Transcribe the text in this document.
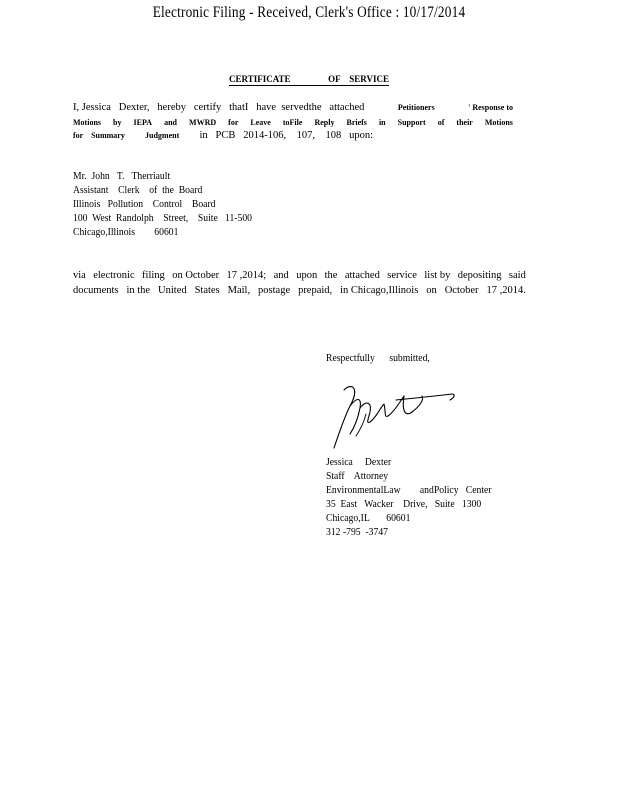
Electronic Filing - Received, Clerk's Office : 10/17/2014
CERTIFICATE	OF    SERVICE
I, Jessica   Dexter,   hereby   certify   thatI   have  servedthe   attached	Petitioners	' Response to
Motions by IEPA and MWRD for Leave toFile Reply Briefs in Support of their Motions
for    Summary	Judgment in   PCB   2014-106,    107,    108   upon:
Mr.  John   T.   Therriault
Assistant    Clerk    of  the  Board
Illinois   Pollution    Control    Board
100  West  Randolph    Street,    Suite   11-500
Chicago,Illinois        60601
via electronic filing on October 17 ,2014; and upon the attached service list by depositing said
documents in the United States Mail, postage prepaid, in Chicago,Illinois on October 17 ,2014.
Respectfully      submitted,
Jessica     Dexter
Staff    Attorney
EnvironmentalLaw        andPolicy   Center
35  East   Wacker    Drive,   Suite   1300
Chicago,IL       60601
312 -795  -3747
